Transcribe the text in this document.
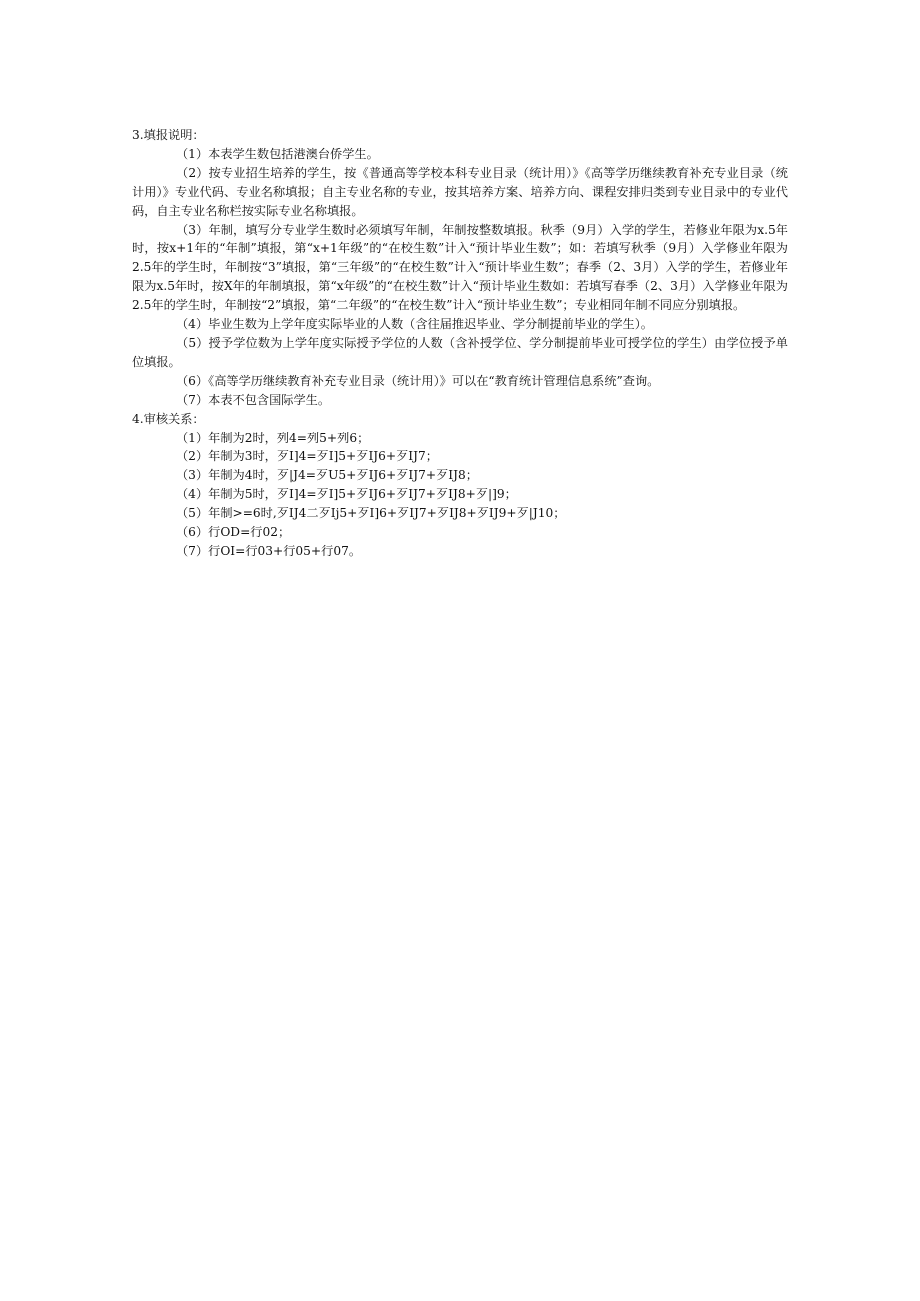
3.填报说明：

（1）本表学生数包括港澳台侨学生。

（2）按专业招生培养的学生，按《普通高等学校本科专业目录（统计用）》《高等学历继续教育补充专业目录（统计用）》专业代码、专业名称填报；自主专业名称的专业，按其培养方案、培养方向、课程安排归类到专业目录中的专业代码，自主专业名称栏按实际专业名称填报。

（3）年制，填写分专业学生数时必须填写年制，年制按整数填报。秋季（9月）入学的学生，若修业年限为x.5年时，按x+1年的“年制”填报，第“x+1年级”的“在校生数”计入“预计毕业生数”；如：若填写秋季（9月）入学修业年限为2.5年的学生时，年制按“3”填报，第“三年级”的“在校生数”计入“预计毕业生数”；春季（2、3月）入学的学生，若修业年限为x.5年时，按X年的年制填报，第“x年级”的“在校生数”计入“预计毕业生数如：若填写春季（2、3月）入学修业年限为2.5年的学生时，年制按“2”填报，第“二年级”的“在校生数”计入“预计毕业生数”；专业相同年制不同应分别填报。

（4）毕业生数为上学年度实际毕业的人数（含往届推迟毕业、学分制提前毕业的学生）。

（5）授予学位数为上学年度实际授予学位的人数（含补授学位、学分制提前毕业可授学位的学生）由学位授予单位填报。

（6）《高等学历继续教育补充专业目录（统计用）》可以在“教育统计管理信息系统”查询。

（7）本表不包含国际学生。

4.审核关系：

（1）年制为2时，列4=列5+列6；

（2）年制为3时，歹I]4=歹I]5+歹IJ6+歹IJ7；

（3）年制为4时，歹|J4=歹U5+歹IJ6+歹IJ7+歹IJ8；

（4）年制为5时，歹I]4=歹I]5+歹IJ6+歹IJ7+歹IJ8+歹|]9；

（5）年制>=6时,歹IJ4二歹Ij5+歹I]6+歹IJ7+歹IJ8+歹IJ9+歹|J10；

（6）行OD=行02；

（7）行OI=行03+行05+行07。
